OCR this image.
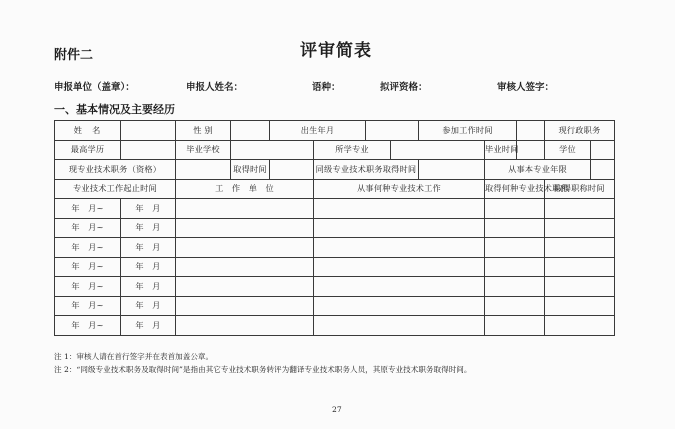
附件二	评审简表
申报单位（盖章）：	申报人姓名：	语种：	拟评资格：	审核人签字：
一、基本情况及主要经历

姓　名		性 别		出生年月				参加工作时间			现行政职务	
最高学历		毕业学校			所学专业				毕业时间		学位	
现专业技术职务（资格）			取得时间		同级专业技术职务取得时间				从事本专业年限			
专业技术工作起止时间		工　作　单　位			从事何种专业技术工作				取得何种专业技术职称		取得职称时间	
年　月~	年　月											
年　月~	年　月											
年　月~	年　月											
年　月~	年　月											
年　月~	年　月											
年　月~	年　月											
年　月~	年　月											
注 1：审核人请在首行签字并在表首加盖公章。
注 2：“同级专业技术职务及取得时间”是指由其它专业技术职务转评为翻译专业技术职务人员，其原专业技术职务取得时间。
27
